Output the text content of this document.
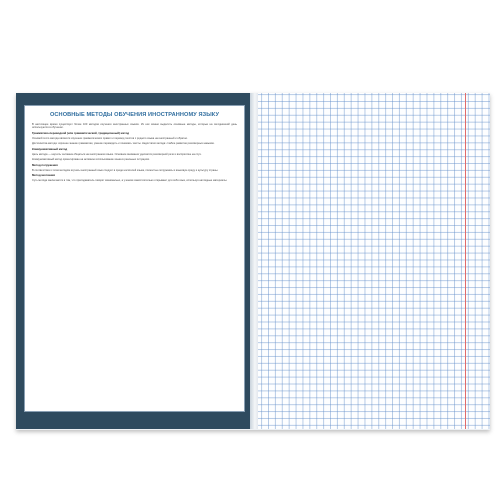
ОСНОВНЫЕ МЕТОДЫ ОБУЧЕНИЯ ИНОСТРАННОМУ ЯЗЫКУ

В настоящее время существует более 100 методов изучения иностранных языков. Из них можно выделить основные методы, которые на сегодняшний день используются в обучении.

Грамматико-переводной (или грамматический, традиционный) метод

Основой этого метода является изучение грамматических правил и перевод текстов с родного языка на иностранный и обратно.

Достоинства метода: хорошее знание грамматики, умение переводить и понимать тексты. Недостатки метода: слабое развитие разговорных навыков.

Коммуникативный метод

Цель метода — научить человека общаться на иностранном языке. Основное внимание уделяется разговорной речи и восприятию на слух.

Коммуникативный метод ориентирован на активное использование языка в реальных ситуациях.

Метод погружения

В соответствии с этим методом изучать иностранный язык следует в среде носителей языка, полностью погружаясь в языковую среду и культуру страны.

Метод молчания

Суть метода заключается в том, что преподаватель говорит минимально, а ученики самостоятельно открывают для себя язык, используя наглядные материалы.
